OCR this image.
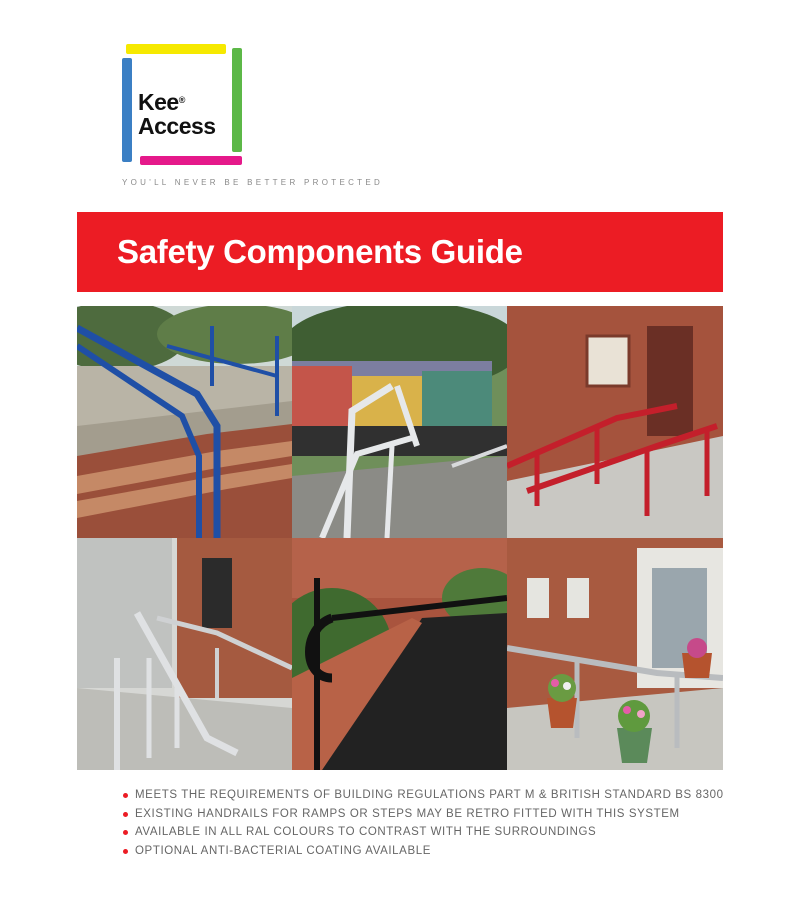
Kee®
Access
YOU'LL NEVER BE BETTER PROTECTED
Safety Components Guide
MEETS THE REQUIREMENTS OF BUILDING REGULATIONS PART M & BRITISH STANDARD BS 8300
EXISTING HANDRAILS FOR RAMPS OR STEPS MAY BE RETRO FITTED WITH THIS SYSTEM
AVAILABLE IN ALL RAL COLOURS TO CONTRAST WITH THE SURROUNDINGS
OPTIONAL ANTI-BACTERIAL COATING AVAILABLE
